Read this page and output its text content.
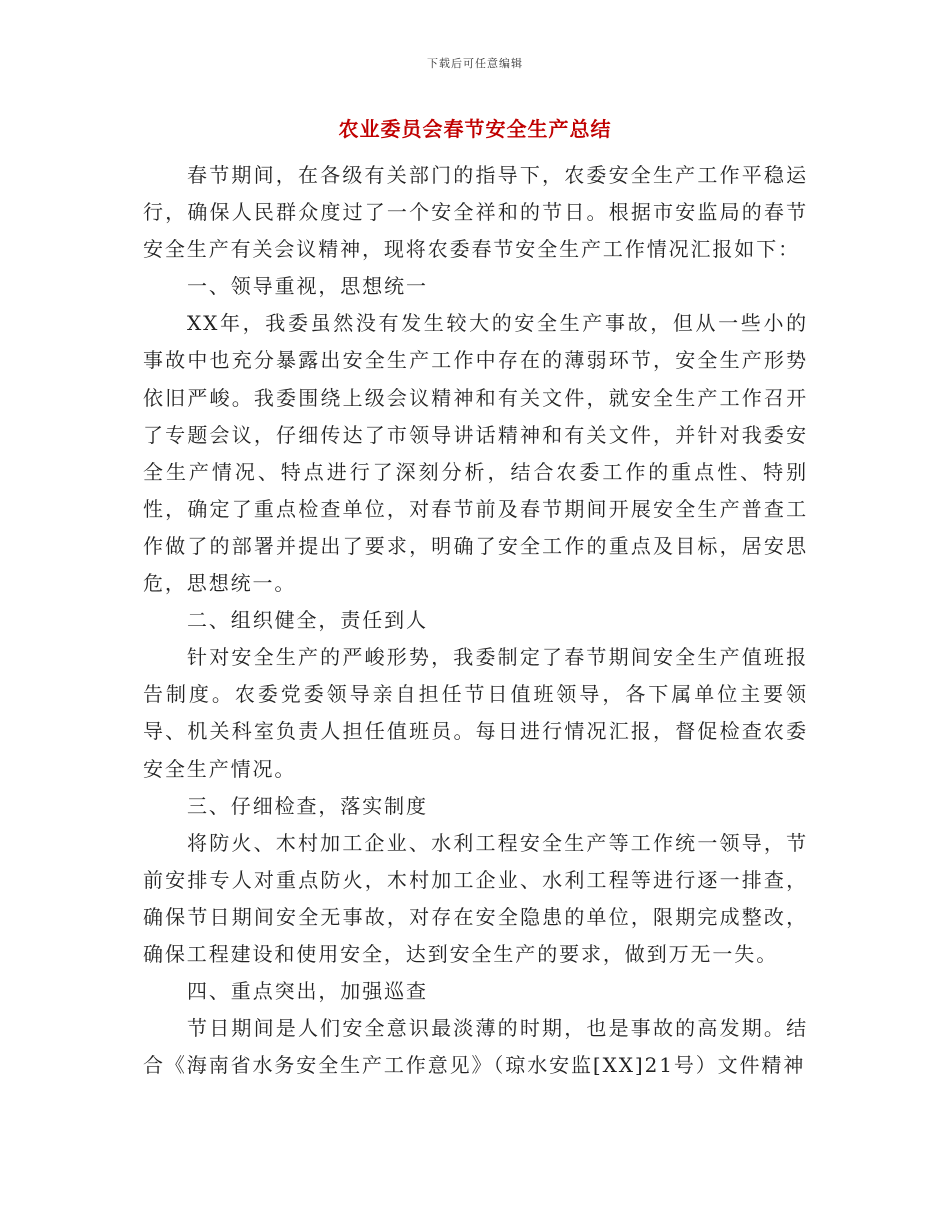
下载后可任意编辑
农业委员会春节安全生产总结

春节期间，在各级有关部门的指导下，农委安全生产工作平稳运行，确保人民群众度过了一个安全祥和的节日。根据市安监局的春节安全生产有关会议精神，现将农委春节安全生产工作情况汇报如下：

一、领导重视，思想统一

XX年，我委虽然没有发生较大的安全生产事故，但从一些小的事故中也充分暴露出安全生产工作中存在的薄弱环节，安全生产形势依旧严峻。我委围绕上级会议精神和有关文件，就安全生产工作召开了专题会议，仔细传达了市领导讲话精神和有关文件，并针对我委安全生产情况、特点进行了深刻分析，结合农委工作的重点性、特别性，确定了重点检查单位，对春节前及春节期间开展安全生产普查工作做了的部署并提出了要求，明确了安全工作的重点及目标，居安思危，思想统一。

二、组织健全，责任到人

针对安全生产的严峻形势，我委制定了春节期间安全生产值班报告制度。农委党委领导亲自担任节日值班领导，各下属单位主要领导、机关科室负责人担任值班员。每日进行情况汇报，督促检查农委安全生产情况。

三、仔细检查，落实制度

将防火、木村加工企业、水利工程安全生产等工作统一领导，节前安排专人对重点防火，木村加工企业、水利工程等进行逐一排查，确保节日期间安全无事故，对存在安全隐患的单位，限期完成整改，确保工程建设和使用安全，达到安全生产的要求，做到万无一失。

四、重点突出，加强巡查

节日期间是人们安全意识最淡薄的时期，也是事故的高发期。结合《海南省水务安全生产工作意见》（琼水安监[XX]21号）文件精神
